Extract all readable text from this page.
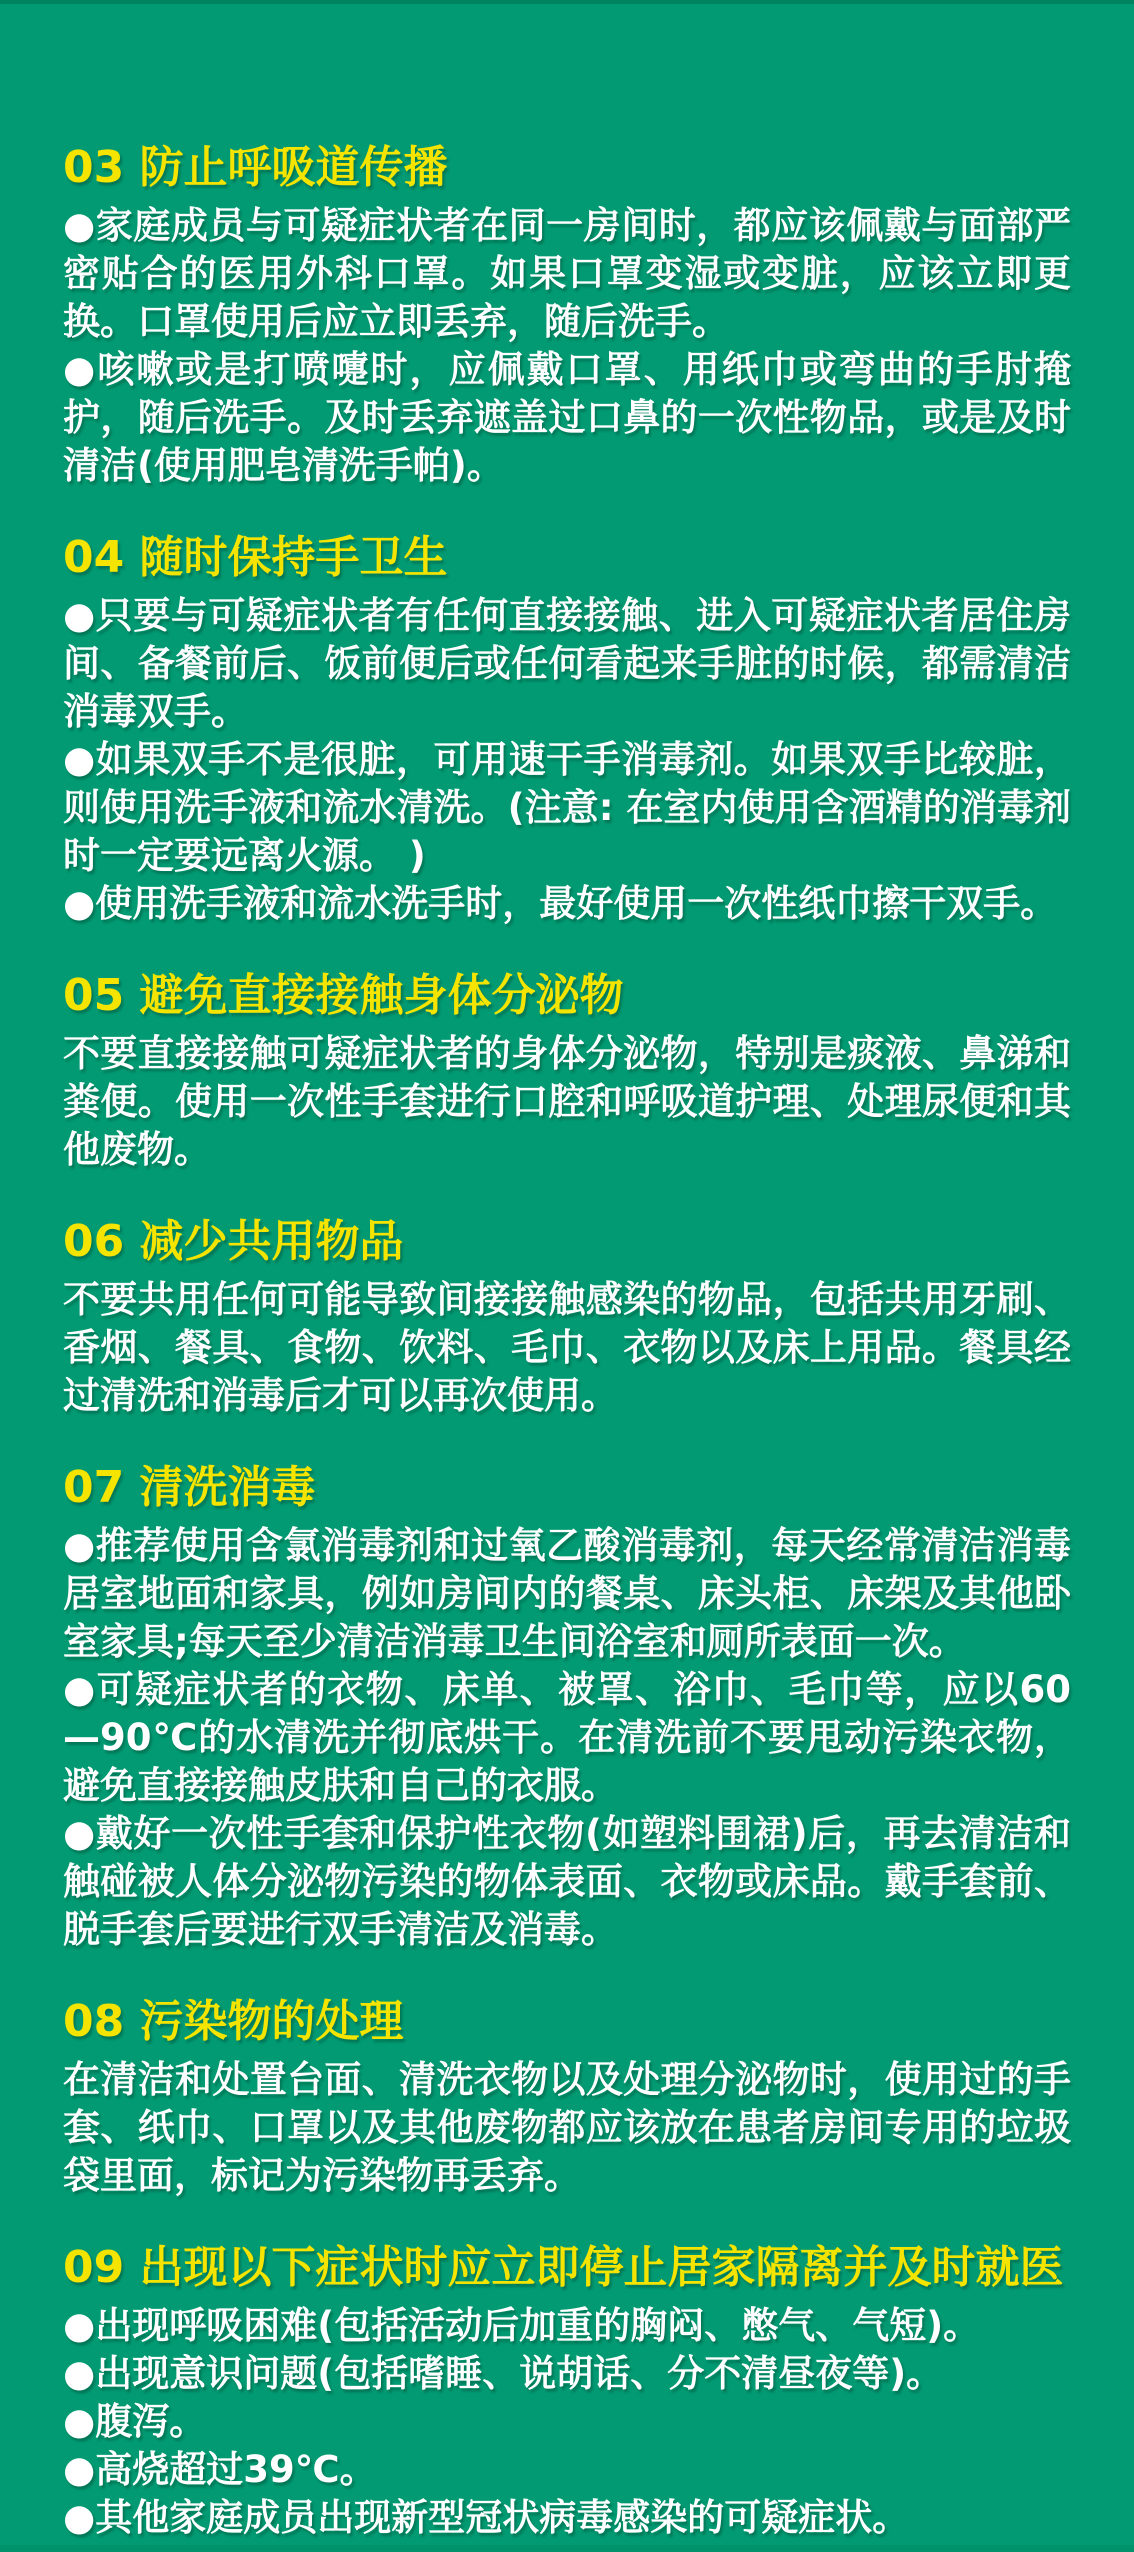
03 防止呼吸道传播

●家庭成员与可疑症状者在同一房间时，都应该佩戴与面部严密贴合的医用外科口罩。如果口罩变湿或变脏，应该立即更换。口罩使用后应立即丢弃，随后洗手。

●咳嗽或是打喷嚏时，应佩戴口罩、用纸巾或弯曲的手肘掩护，随后洗手。及时丢弃遮盖过口鼻的一次性物品，或是及时清洁(使用肥皂清洗手帕)。

04 随时保持手卫生

●只要与可疑症状者有任何直接接触、进入可疑症状者居住房间、备餐前后、饭前便后或任何看起来手脏的时候，都需清洁消毒双手。

●如果双手不是很脏，可用速干手消毒剂。如果双手比较脏，则使用洗手液和流水清洗。(注意: 在室内使用含酒精的消毒剂时一定要远离火源。 )

●使用洗手液和流水洗手时，最好使用一次性纸巾擦干双手。

05 避免直接接触身体分泌物

不要直接接触可疑症状者的身体分泌物，特别是痰液、鼻涕和粪便。使用一次性手套进行口腔和呼吸道护理、处理尿便和其他废物。

06 减少共用物品

不要共用任何可能导致间接接触感染的物品，包括共用牙刷、香烟、餐具、食物、饮料、毛巾、衣物以及床上用品。餐具经过清洗和消毒后才可以再次使用。

07 清洗消毒

●推荐使用含氯消毒剂和过氧乙酸消毒剂，每天经常清洁消毒居室地面和家具，例如房间内的餐桌、床头柜、床架及其他卧室家具;每天至少清洁消毒卫生间浴室和厕所表面一次。

●可疑症状者的衣物、床单、被罩、浴巾、毛巾等，应以60—90℃的水清洗并彻底烘干。在清洗前不要甩动污染衣物，避免直接接触皮肤和自己的衣服。

●戴好一次性手套和保护性衣物(如塑料围裙)后，再去清洁和触碰被人体分泌物污染的物体表面、衣物或床品。戴手套前、脱手套后要进行双手清洁及消毒。

08 污染物的处理

在清洁和处置台面、清洗衣物以及处理分泌物时，使用过的手套、纸巾、口罩以及其他废物都应该放在患者房间专用的垃圾袋里面，标记为污染物再丢弃。

09 出现以下症状时应立即停止居家隔离并及时就医

●出现呼吸困难(包括活动后加重的胸闷、憋气、气短)。

●出现意识问题(包括嗜睡、说胡话、分不清昼夜等)。

●腹泻。

●高烧超过39℃。

●其他家庭成员出现新型冠状病毒感染的可疑症状。
